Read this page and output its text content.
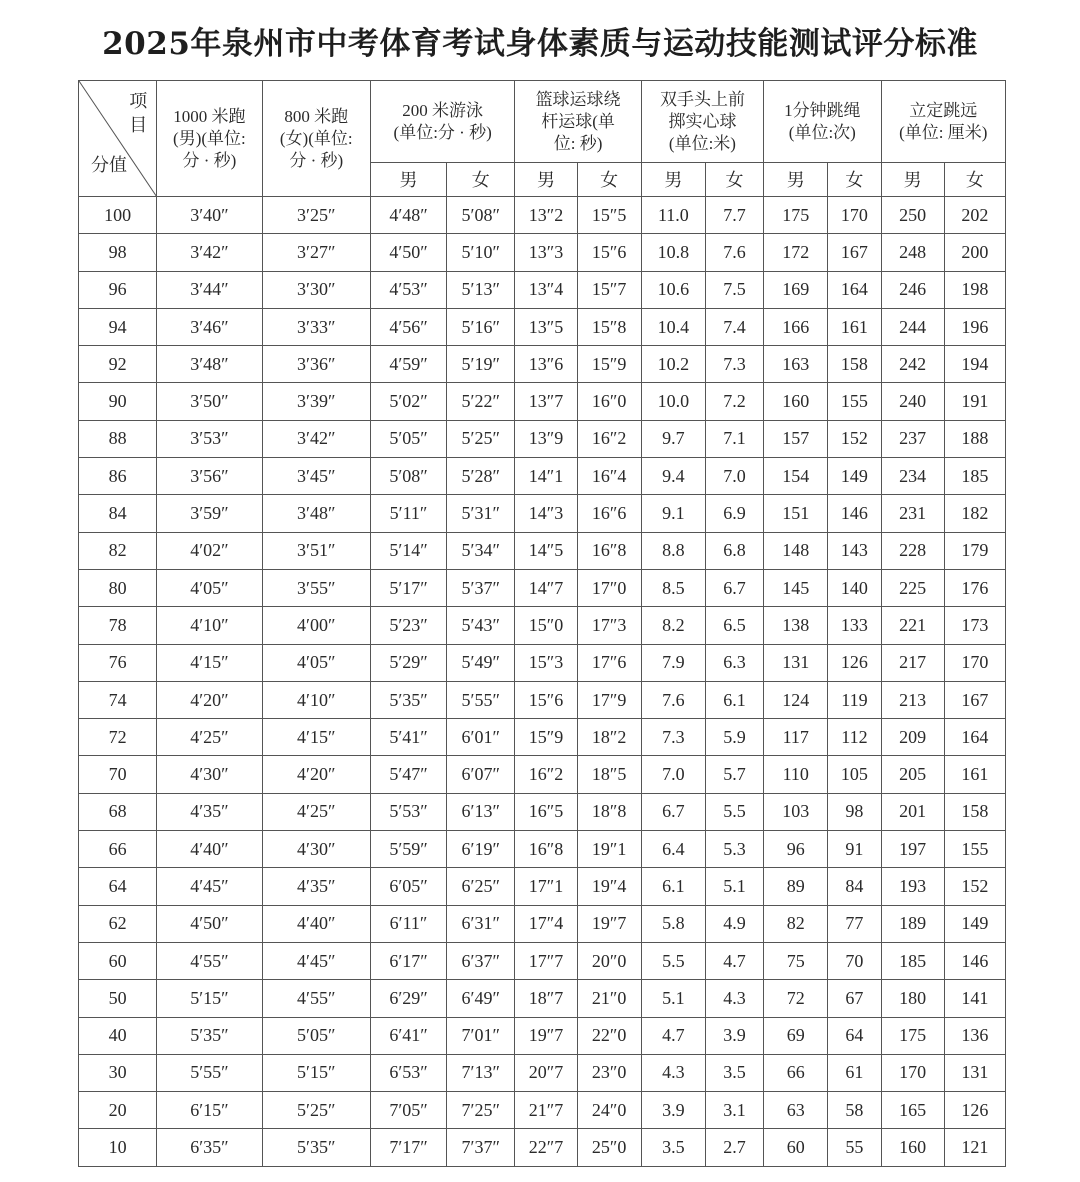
2025年泉州市中考体育考试身体素质与运动技能测试评分标准
项目
分值	1000 米跑
(男)(单位:
分 · 秒)	800 米跑
(女)(单位:
分 · 秒)	200 米游泳
(单位:分 · 秒)		篮球运球绕
杆运球(单
位: 秒)		双手头上前
掷实心球
(单位:米)		1分钟跳绳
(单位:次)		立定跳远
(单位: 厘米)	
			男	女	男	女	男	女	男	女	男	女
100	3′40″	3′25″	4′48″	5′08″	13″2	15″5	11.0	7.7	175	170	250	202
98	3′42″	3′27″	4′50″	5′10″	13″3	15″6	10.8	7.6	172	167	248	200
96	3′44″	3′30″	4′53″	5′13″	13″4	15″7	10.6	7.5	169	164	246	198
94	3′46″	3′33″	4′56″	5′16″	13″5	15″8	10.4	7.4	166	161	244	196
92	3′48″	3′36″	4′59″	5′19″	13″6	15″9	10.2	7.3	163	158	242	194
90	3′50″	3′39″	5′02″	5′22″	13″7	16″0	10.0	7.2	160	155	240	191
88	3′53″	3′42″	5′05″	5′25″	13″9	16″2	9.7	7.1	157	152	237	188
86	3′56″	3′45″	5′08″	5′28″	14″1	16″4	9.4	7.0	154	149	234	185
84	3′59″	3′48″	5′11″	5′31″	14″3	16″6	9.1	6.9	151	146	231	182
82	4′02″	3′51″	5′14″	5′34″	14″5	16″8	8.8	6.8	148	143	228	179
80	4′05″	3′55″	5′17″	5′37″	14″7	17″0	8.5	6.7	145	140	225	176
78	4′10″	4′00″	5′23″	5′43″	15″0	17″3	8.2	6.5	138	133	221	173
76	4′15″	4′05″	5′29″	5′49″	15″3	17″6	7.9	6.3	131	126	217	170
74	4′20″	4′10″	5′35″	5′55″	15″6	17″9	7.6	6.1	124	119	213	167
72	4′25″	4′15″	5′41″	6′01″	15″9	18″2	7.3	5.9	117	112	209	164
70	4′30″	4′20″	5′47″	6′07″	16″2	18″5	7.0	5.7	110	105	205	161
68	4′35″	4′25″	5′53″	6′13″	16″5	18″8	6.7	5.5	103	98	201	158
66	4′40″	4′30″	5′59″	6′19″	16″8	19″1	6.4	5.3	96	91	197	155
64	4′45″	4′35″	6′05″	6′25″	17″1	19″4	6.1	5.1	89	84	193	152
62	4′50″	4′40″	6′11″	6′31″	17″4	19″7	5.8	4.9	82	77	189	149
60	4′55″	4′45″	6′17″	6′37″	17″7	20″0	5.5	4.7	75	70	185	146
50	5′15″	4′55″	6′29″	6′49″	18″7	21″0	5.1	4.3	72	67	180	141
40	5′35″	5′05″	6′41″	7′01″	19″7	22″0	4.7	3.9	69	64	175	136
30	5′55″	5′15″	6′53″	7′13″	20″7	23″0	4.3	3.5	66	61	170	131
20	6′15″	5′25″	7′05″	7′25″	21″7	24″0	3.9	3.1	63	58	165	126
10	6′35″	5′35″	7′17″	7′37″	22″7	25″0	3.5	2.7	60	55	160	121
